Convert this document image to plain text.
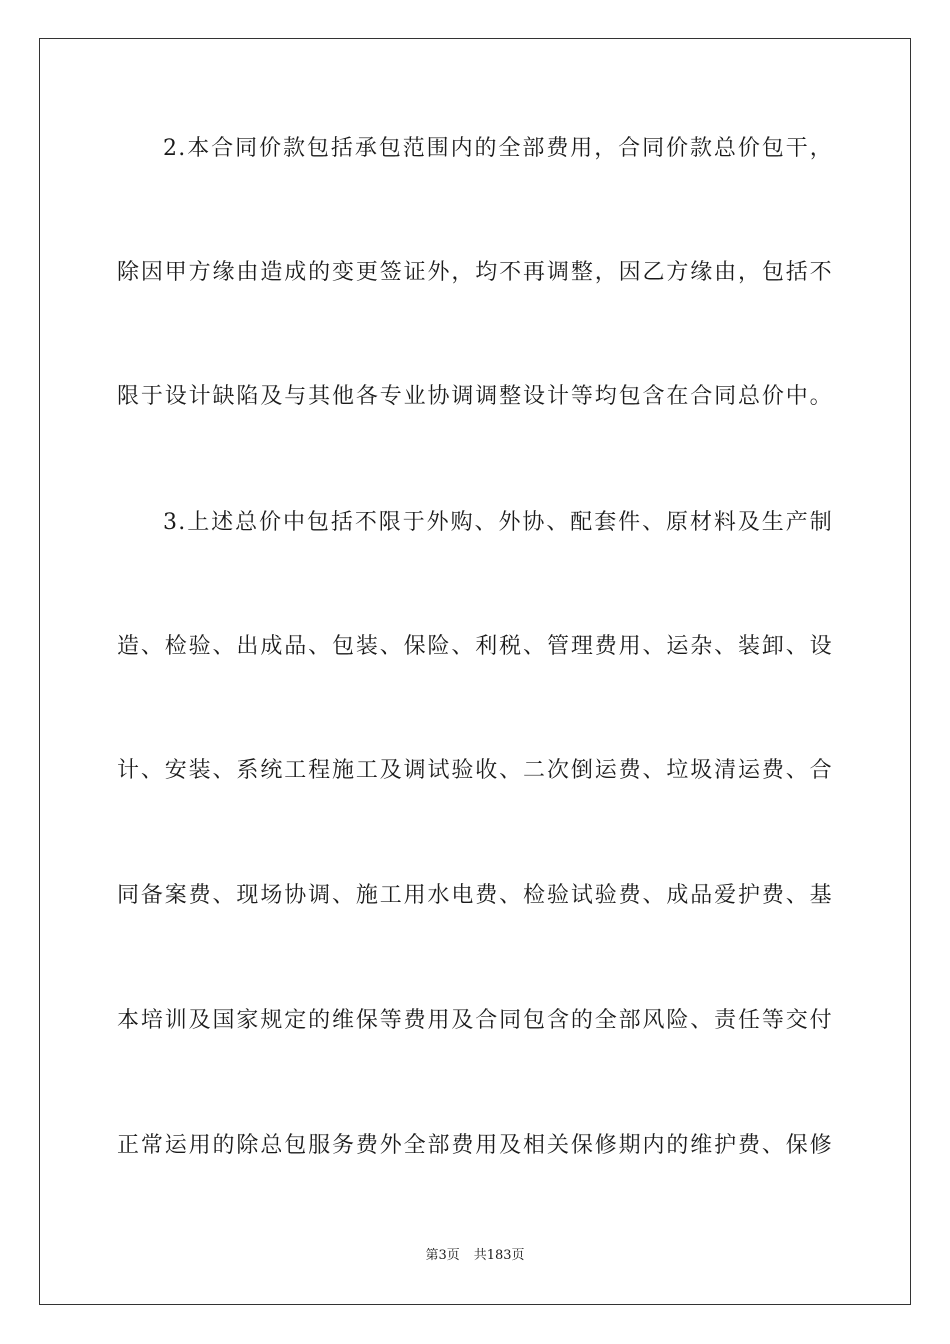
2.本合同价款包括承包范围内的全部费用，合同价款总价包干，
除因甲方缘由造成的变更签证外，均不再调整，因乙方缘由，包括不
限于设计缺陷及与其他各专业协调调整设计等均包含在合同总价中。
3.上述总价中包括不限于外购、外协、配套件、原材料及生产制
造、检验、出成品、包装、保险、利税、管理费用、运杂、装卸、设
计、安装、系统工程施工及调试验收、二次倒运费、垃圾清运费、合
同备案费、现场协调、施工用水电费、检验试验费、成品爱护费、基
本培训及国家规定的维保等费用及合同包含的全部风险、责任等交付
正常运用的除总包服务费外全部费用及相关保修期内的维护费、保修
第3页 共183页
